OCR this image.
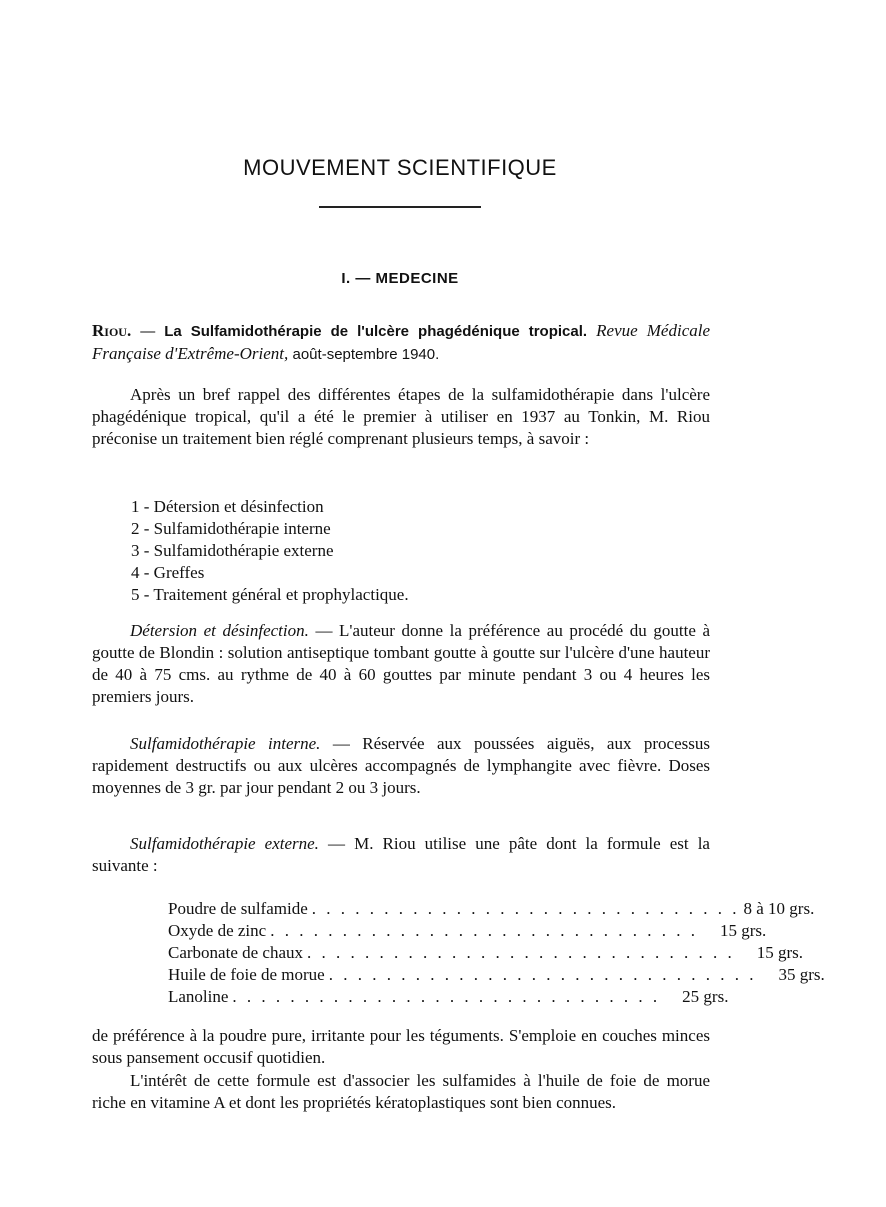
MOUVEMENT SCIENTIFIQUE
I. — MEDECINE
Riou. — La Sulfamidothérapie de l'ulcère phagédénique tropical. Revue Médicale Française d'Extrême-Orient, août-septembre 1940.
Après un bref rappel des différentes étapes de la sulfamidothérapie dans l'ulcère phagédénique tropical, qu'il a été le premier à utiliser en 1937 au Tonkin, M. Riou préconise un traitement bien réglé comprenant plusieurs temps, à savoir :
1 - Détersion et désinfection
2 - Sulfamidothérapie interne
3 - Sulfamidothérapie externe
4 - Greffes
5 - Traitement général et prophylactique.
Détersion et désinfection. — L'auteur donne la préférence au procédé du goutte à goutte de Blondin : solution antiseptique tombant goutte à goutte sur l'ulcère d'une hauteur de 40 à 75 cms. au rythme de 40 à 60 gouttes par minute pendant 3 ou 4 heures les premiers jours.
Sulfamidothérapie interne. — Réservée aux poussées aiguës, aux processus rapidement destructifs ou aux ulcères accompagnés de lymphangite avec fièvre. Doses moyennes de 3 gr. par jour pendant 2 ou 3 jours.
Sulfamidothérapie externe. — M. Riou utilise une pâte dont la formule est la suivante :
Poudre de sulfamide . . . . . . . . . . . . . . . . . . . . . . . . . . . . . . 8 à 10 grs.
Oxyde de zinc . . . . . . . . . . . . . . . . . . . . . . . . . . . . . .	15 grs.
Carbonate de chaux . . . . . . . . . . . . . . . . . . . . . . . . . . . . . .	15 grs.
Huile de foie de morue . . . . . . . . . . . . . . . . . . . . . . . . . . . . . .	35 grs.
Lanoline . . . . . . . . . . . . . . . . . . . . . . . . . . . . . .	25 grs.
de préférence à la poudre pure, irritante pour les téguments. S'emploie en couches minces sous pansement occusif quotidien.
L'intérêt de cette formule est d'associer les sulfamides à l'huile de foie de morue riche en vitamine A et dont les propriétés kératoplastiques sont bien connues.
